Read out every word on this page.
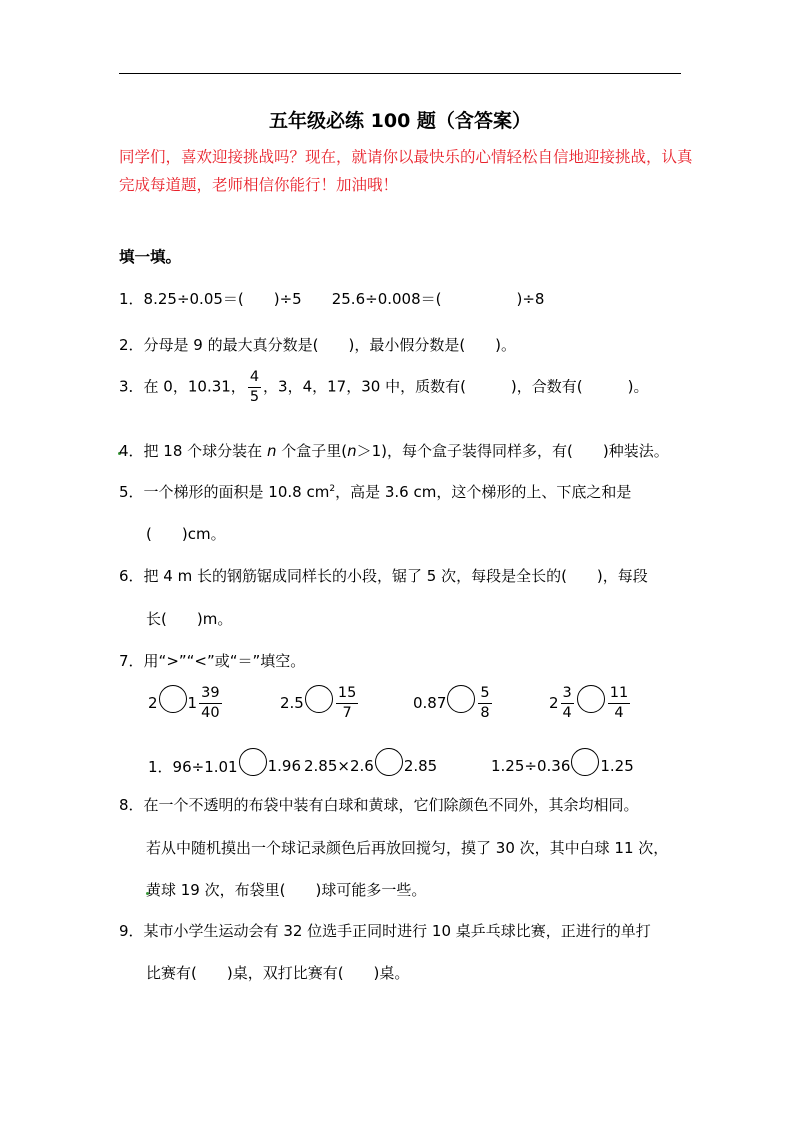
五年级必练 100 题（含答案）
同学们，喜欢迎接挑战吗？现在，就请你以最快乐的心情轻松自信地迎接挑战，认真完成每道题，老师相信你能行！加油哦！
填一填。
1．8.25÷0.05＝(　　)÷5　　25.6÷0.008＝(　　　　　)÷8
2．分母是 9 的最大真分数是(　　)，最小假分数是(　　)。
3．在 0，10.31， $\frac{4}{5}$ ，3，4，17，30 中，质数有(　　　)，合数有(　　　)。
4．把 18 个球分装在 n 个盒子里(n＞1)，每个盒子装得同样多，有(　　)种装法。
5．一个梯形的面积是 10.8 $cm^2$，高是 3.6 cm，这个梯形的上、下底之和是
(　　)cm。
6．把 4 m 长的钢筋锯成同样长的小段，锯了 5 次，每段是全长的(　　)，每段
长(　　)m。
7．用“>”“<”或“＝”填空。
2 $1 \frac{39}{40}$	$2.5 \frac{15}{7}$	$0.87 \frac{5}{8}$	$2 \frac{3}{4} \frac{11}{4}$
1．96÷1.01 1.96 2.85×2.6 2.85	1.25÷0.36 1.25
8．在一个不透明的布袋中装有白球和黄球，它们除颜色不同外，其余均相同。
若从中随机摸出一个球记录颜色后再放回搅匀，摸了 30 次，其中白球 11 次，
黄球 19 次，布袋里(　　)球可能多一些。
9．某市小学生运动会有 32 位选手正同时进行 10 桌乒乓球比赛，正进行的单打
比赛有(　　)桌，双打比赛有(　　)桌。
